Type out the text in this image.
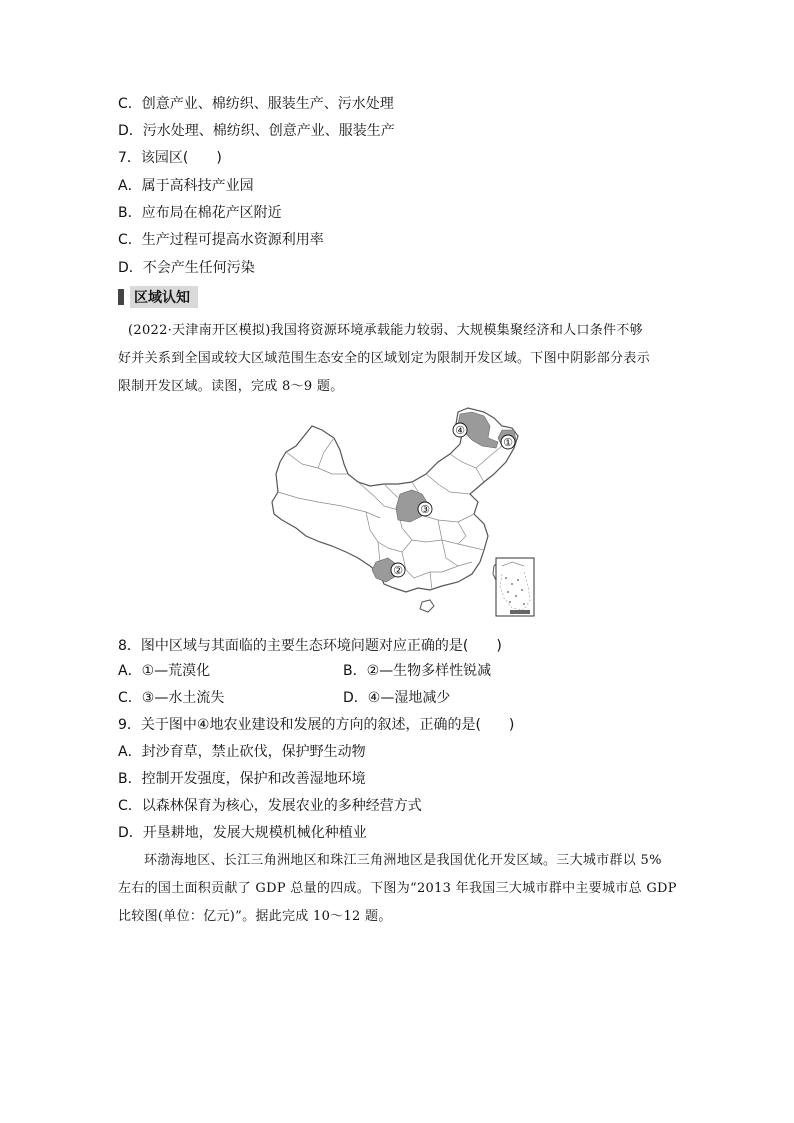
C．创意产业、棉纺织、服装生产、污水处理
D．污水处理、棉纺织、创意产业、服装生产
7．该园区(　　)
A．属于高科技产业园
B．应布局在棉花产区附近
C．生产过程可提高水资源利用率
D．不会产生任何污染
区域认知
(2022·天津南开区模拟)我国将资源环境承载能力较弱、大规模集聚经济和人口条件不够
好并关系到全国或较大区域范围生态安全的区域划定为限制开发区域。下图中阴影部分表示
限制开发区域。读图，完成 8～9 题。
①
②
③
④
8．图中区域与其面临的主要生态环境问题对应正确的是(　　)
A．①—荒漠化	B．②—生物多样性锐减
C．③—水土流失	D．④—湿地减少
9．关于图中④地农业建设和发展的方向的叙述，正确的是(　　)
A．封沙育草，禁止砍伐，保护野生动物
B．控制开发强度，保护和改善湿地环境
C．以森林保育为核心，发展农业的多种经营方式
D．开垦耕地，发展大规模机械化种植业
环渤海地区、长江三角洲地区和珠江三角洲地区是我国优化开发区域。三大城市群以 5%
左右的国土面积贡献了 GDP 总量的四成。下图为“2013 年我国三大城市群中主要城市总 GDP
比较图(单位：亿元)”。据此完成 10～12 题。
